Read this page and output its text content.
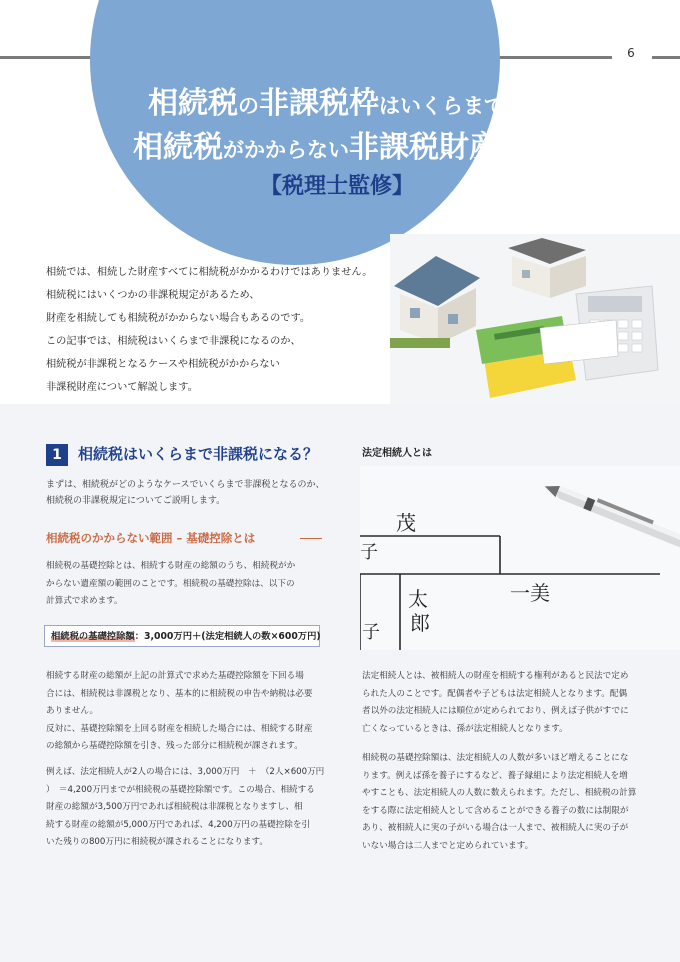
6
相続税の非課税枠はいくらまで？
相続税がかからない非課税財産とは
【税理士監修】

相続では、相続した財産すべてに相続税がかかるわけではありません。

相続税にはいくつかの非課税規定があるため、

財産を相続しても相続税がかからない場合もあるのです。

この記事では、相続税はいくらまで非課税になるのか、

相続税が非課税となるケースや相続税がかからない

非課税財産について解説します。

1	相続税はいくらまで非課税になる？

まずは、相続税がどのようなケースでいくらまで非課税となるのか、

相続税の非課税規定についてご説明します。

相続税のかからない範囲 – 基礎控除とは

相続税の基礎控除とは、相続する財産の総額のうち、相続税がか

からない遺産額の範囲のことです。相続税の基礎控除は、以下の

計算式で求めます。

相続税の基礎控除額：3,000万円＋(法定相続人の数×600万円)

相続する財産の総額が上記の計算式で求めた基礎控除額を下回る場

合には、相続税は非課税となり、基本的に相続税の申告や納税は必要

ありません。

反対に、基礎控除額を上回る財産を相続した場合には、相続する財産

の総額から基礎控除額を引き、残った部分に相続税が課されます。

例えば、法定相続人が2人の場合には、3,000万円　＋　（2人×600万円

）　＝4,200万円までが相続税の基礎控除額です。この場合、相続する

財産の総額が3,500万円であれば相続税は非課税となりますし、相

続する財産の総額が5,000万円であれば、4,200万円の基礎控除を引

いた残りの800万円に相続税が課されることになります。

法定相続人とは
茂
一美
太
郎
子
子

法定相続人とは、被相続人の財産を相続する権利があると民法で定め

られた人のことです。配偶者や子どもは法定相続人となります。配偶

者以外の法定相続人には順位が定められており、例えば子供がすでに

亡くなっているときは、孫が法定相続人となります。

相続税の基礎控除額は、法定相続人の人数が多いほど増えることにな

ります。例えば孫を養子にするなど、養子縁組により法定相続人を増

やすことも、法定相続人の人数に数えられます。ただし、相続税の計算

をする際に法定相続人として含めることができる養子の数には制限が

あり、被相続人に実の子がいる場合は一人まで、被相続人に実の子が

いない場合は二人までと定められています。
